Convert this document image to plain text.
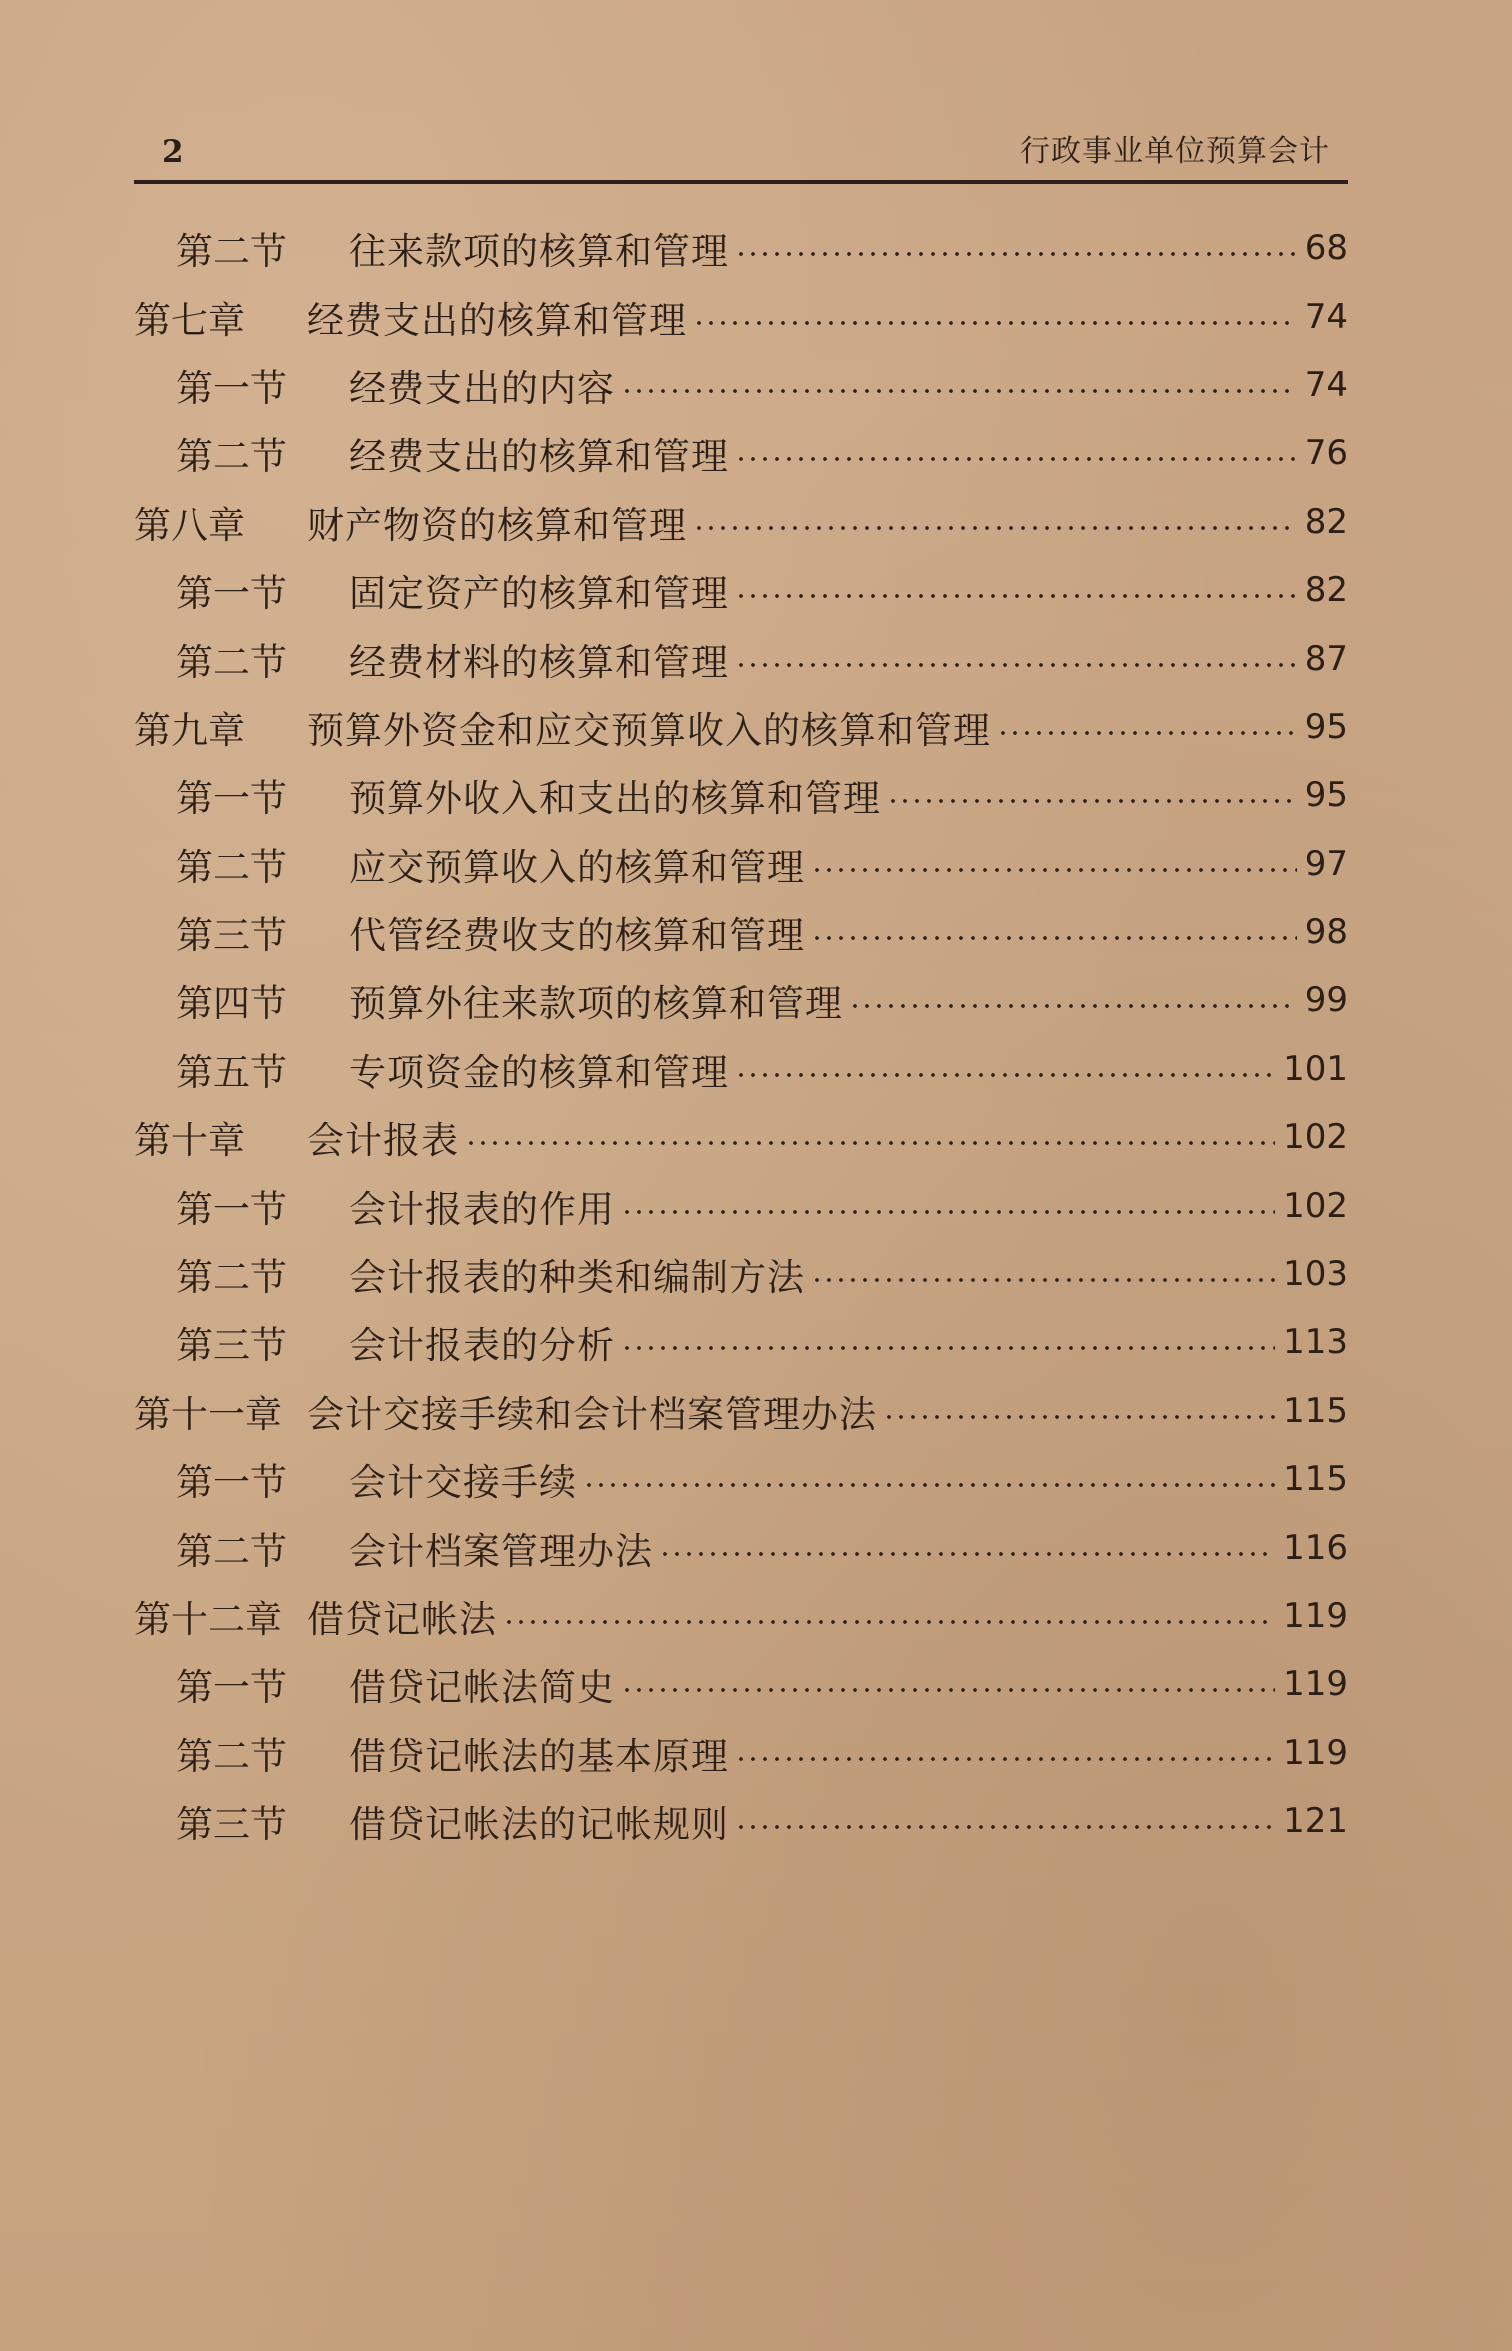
2	行政事业单位预算会计
第二节	往来款项的核算和管理	68
第七章	经费支出的核算和管理	74
第一节	经费支出的内容	74
第二节	经费支出的核算和管理	76
第八章	财产物资的核算和管理	82
第一节	固定资产的核算和管理	82
第二节	经费材料的核算和管理	87
第九章	预算外资金和应交预算收入的核算和管理	95
第一节	预算外收入和支出的核算和管理	95
第二节	应交预算收入的核算和管理	97
第三节	代管经费收支的核算和管理	98
第四节	预算外往来款项的核算和管理	99
第五节	专项资金的核算和管理	101
第十章	会计报表	102
第一节	会计报表的作用	102
第二节	会计报表的种类和编制方法	103
第三节	会计报表的分析	113
第十一章 会计交接手续和会计档案管理办法	115
第一节	会计交接手续	115
第二节	会计档案管理办法	116
第十二章 借贷记帐法	119
第一节	借贷记帐法简史	119
第二节	借贷记帐法的基本原理	119
第三节	借贷记帐法的记帐规则	121
